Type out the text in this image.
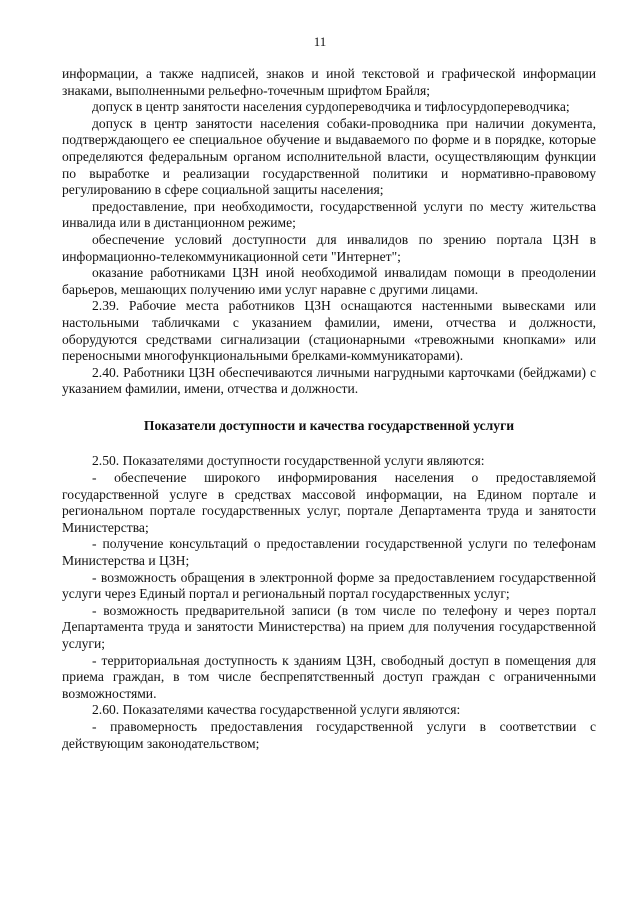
11

информации, а также надписей, знаков и иной текстовой и графической информации знаками, выполненными рельефно-точечным шрифтом Брайля;

допуск в центр занятости населения сурдопереводчика и тифлосурдопереводчика;

допуск в центр занятости населения собаки-проводника при наличии документа, подтверждающего ее специальное обучение и выдаваемого по форме и в порядке, которые определяются федеральным органом исполнительной власти, осуществляющим функции по выработке и реализации государственной политики и нормативно-правовому регулированию в сфере социальной защиты населения;

предоставление, при необходимости, государственной услуги по месту жительства инвалида или в дистанционном режиме;

обеспечение условий доступности для инвалидов по зрению портала ЦЗН в информационно-телекоммуникационной сети "Интернет";

оказание работниками ЦЗН иной необходимой инвалидам помощи в преодолении барьеров, мешающих получению ими услуг наравне с другими лицами.

2.39. Рабочие места работников ЦЗН оснащаются настенными вывесками или настольными табличками с указанием фамилии, имени, отчества и должности, оборудуются средствами сигнализации (стационарными «тревожными кнопками» или переносными многофункциональными брелками-коммуникаторами).

2.40. Работники ЦЗН обеспечиваются личными нагрудными карточками (бейджами) с указанием фамилии, имени, отчества и должности.

Показатели доступности и качества государственной услуги

2.50. Показателями доступности государственной услуги являются:

- обеспечение широкого информирования населения о предоставляемой государственной услуге в средствах массовой информации, на Едином портале и региональном портале государственных услуг, портале Департамента труда и занятости Министерства;

- получение консультаций о предоставлении государственной услуги по телефонам Министерства и ЦЗН;

- возможность обращения в электронной форме за предоставлением государственной услуги через Единый портал и региональный портал государственных услуг;

- возможность предварительной записи (в том числе по телефону и через портал Департамента труда и занятости Министерства) на прием для получения государственной услуги;

- территориальная доступность к зданиям ЦЗН, свободный доступ в помещения для приема граждан, в том числе беспрепятственный доступ граждан с ограниченными возможностями.

2.60. Показателями качества государственной услуги являются:

- правомерность предоставления государственной услуги в соответствии с действующим законодательством;
